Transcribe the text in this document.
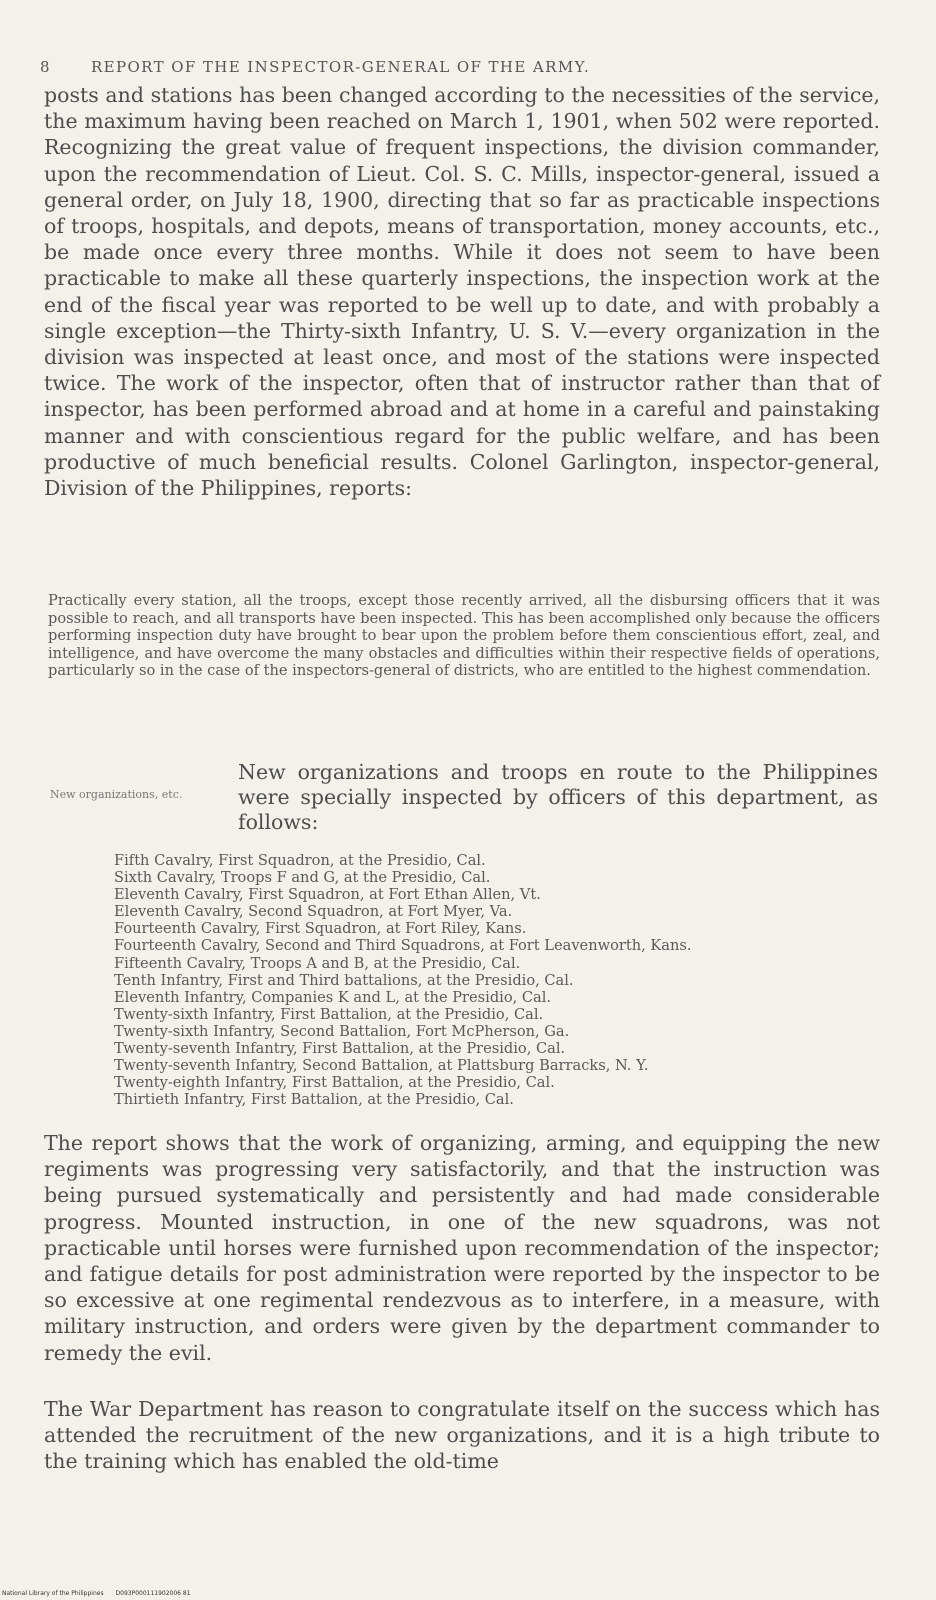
8	REPORT OF THE INSPECTOR-GENERAL OF THE ARMY.

posts and stations has been changed according to the necessities of the service, the maximum having been reached on March 1, 1901, when 502 were reported. Recognizing the great value of frequent inspections, the division commander, upon the recommendation of Lieut. Col. S. C. Mills, inspector-general, issued a general order, on July 18, 1900, directing that so far as practicable inspections of troops, hospitals, and depots, means of transportation, money accounts, etc., be made once every three months. While it does not seem to have been practicable to make all these quarterly inspections, the inspection work at the end of the fiscal year was reported to be well up to date, and with probably a single exception—the Thirty-sixth Infantry, U. S. V.—every organization in the division was inspected at least once, and most of the stations were inspected twice. The work of the inspector, often that of instructor rather than that of inspector, has been performed abroad and at home in a careful and painstaking manner and with conscientious regard for the public welfare, and has been productive of much beneficial results. Colonel Garlington, inspector-general, Division of the Philippines, reports:

Practically every station, all the troops, except those recently arrived, all the disbursing officers that it was possible to reach, and all transports have been inspected. This has been accomplished only because the officers performing inspection duty have brought to bear upon the problem before them conscientious effort, zeal, and intelligence, and have overcome the many obstacles and difficulties within their respective fields of operations, particularly so in the case of the inspectors-general of districts, who are entitled to the highest commendation.

New organizations, etc.

New organizations and troops en route to the Philippines were specially inspected by officers of this department, as follows:

Fifth Cavalry, First Squadron, at the Presidio, Cal.
Sixth Cavalry, Troops F and G, at the Presidio, Cal.
Eleventh Cavalry, First Squadron, at Fort Ethan Allen, Vt.
Eleventh Cavalry, Second Squadron, at Fort Myer, Va.
Fourteenth Cavalry, First Squadron, at Fort Riley, Kans.
Fourteenth Cavalry, Second and Third Squadrons, at Fort Leavenworth, Kans.
Fifteenth Cavalry, Troops A and B, at the Presidio, Cal.
Tenth Infantry, First and Third battalions, at the Presidio, Cal.
Eleventh Infantry, Companies K and L, at the Presidio, Cal.
Twenty-sixth Infantry, First Battalion, at the Presidio, Cal.
Twenty-sixth Infantry, Second Battalion, Fort McPherson, Ga.
Twenty-seventh Infantry, First Battalion, at the Presidio, Cal.
Twenty-seventh Infantry, Second Battalion, at Plattsburg Barracks, N. Y.
Twenty-eighth Infantry, First Battalion, at the Presidio, Cal.
Thirtieth Infantry, First Battalion, at the Presidio, Cal.

The report shows that the work of organizing, arming, and equipping the new regiments was progressing very satisfactorily, and that the instruction was being pursued systematically and persistently and had made considerable progress. Mounted instruction, in one of the new squadrons, was not practicable until horses were furnished upon recommendation of the inspector; and fatigue details for post administration were reported by the inspector to be so excessive at one regimental rendezvous as to interfere, in a measure, with military instruction, and orders were given by the department commander to remedy the evil.

The War Department has reason to congratulate itself on the success which has attended the recruitment of the new organizations, and it is a high tribute to the training which has enabled the old-time

National Library of the Philippines D093P000111902006 81
